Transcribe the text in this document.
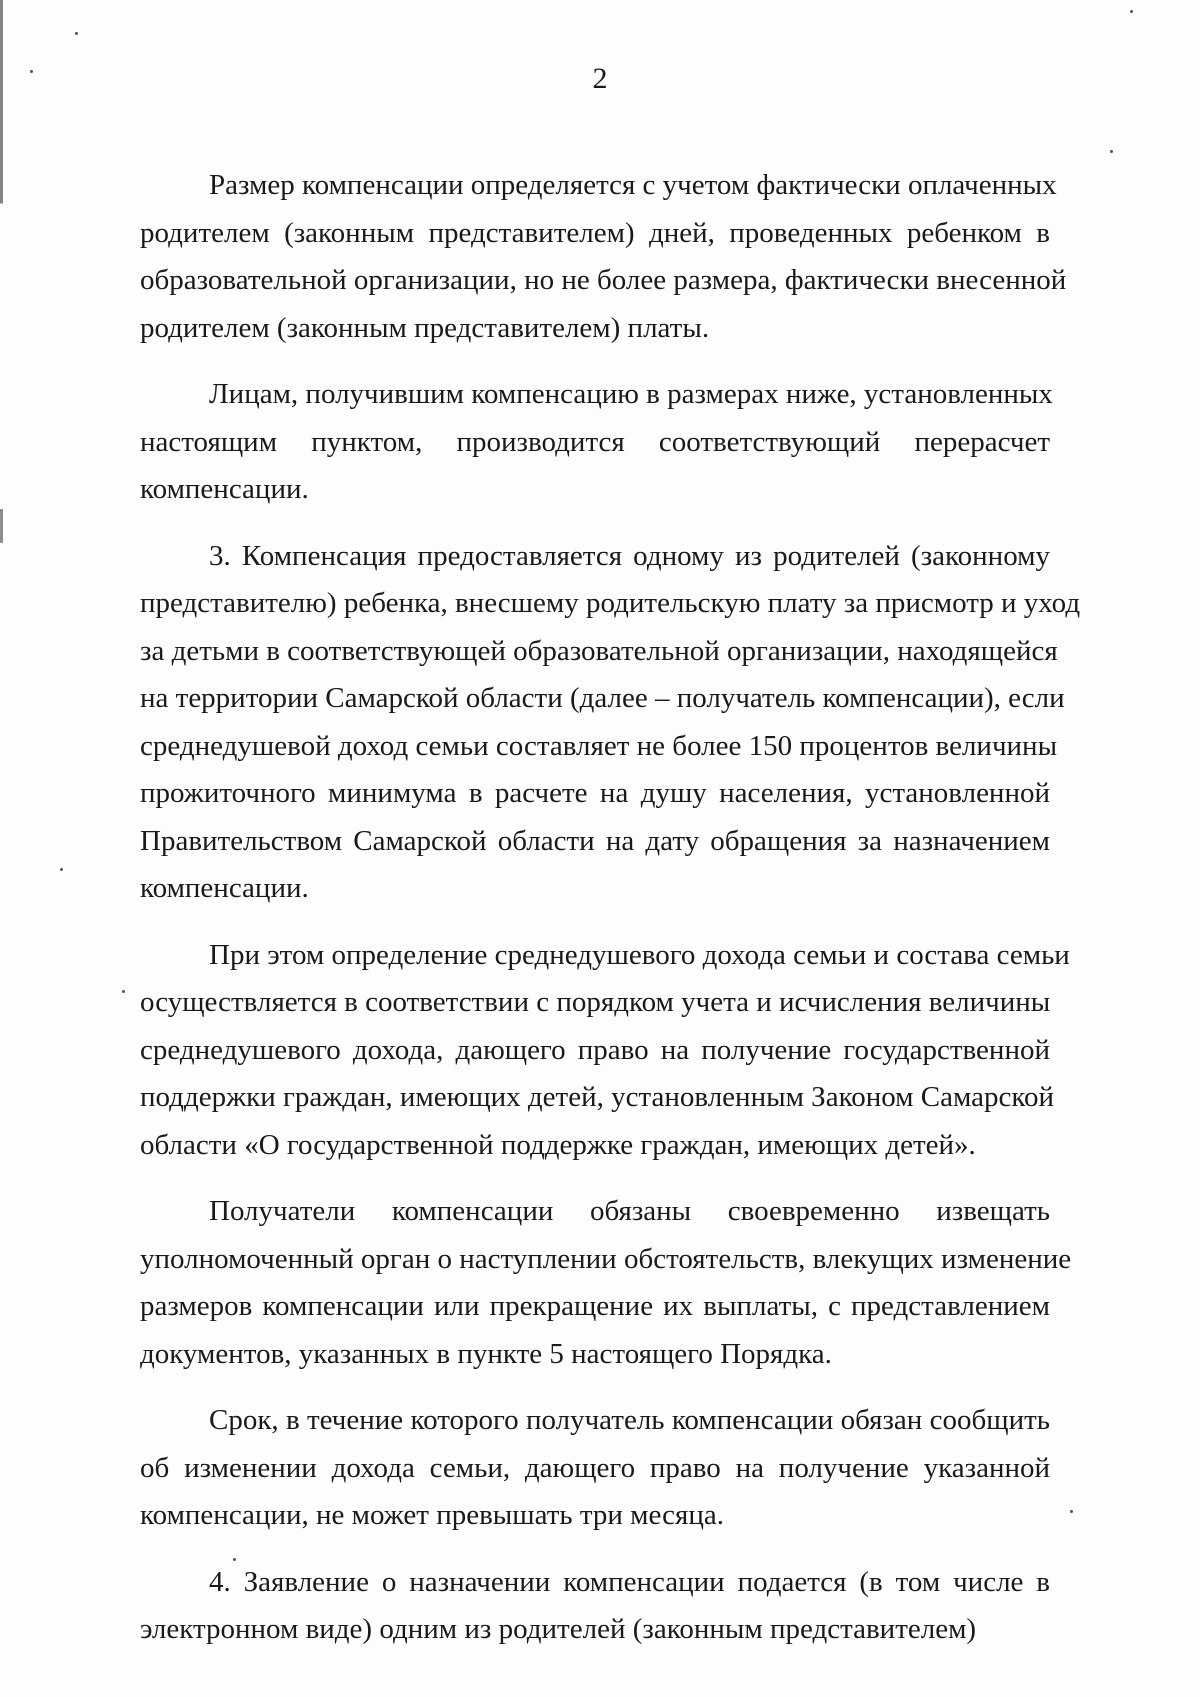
2
Размер компенсации определяется с учетом фактически оплаченных
родителем (законным представителем) дней, проведенных ребенком в
образовательной организации, но не более размера, фактически внесенной
родителем (законным представителем) платы.
Лицам, получившим компенсацию в размерах ниже, установленных
настоящим пунктом, производится соответствующий перерасчет
компенсации.
3. Компенсация предоставляется одному из родителей (законному
представителю) ребенка, внесшему родительскую плату за присмотр и уход
за детьми в соответствующей образовательной организации, находящейся
на территории Самарской области (далее – получатель компенсации), если
среднедушевой доход семьи составляет не более 150 процентов величины
прожиточного минимума в расчете на душу населения, установленной
Правительством Самарской области на дату обращения за назначением
компенсации.
При этом определение среднедушевого дохода семьи и состава семьи
осуществляется в соответствии с порядком учета и исчисления величины
среднедушевого дохода, дающего право на получение государственной
поддержки граждан, имеющих детей, установленным Законом Самарской
области «О государственной поддержке граждан, имеющих детей».
Получатели компенсации обязаны своевременно извещать
уполномоченный орган о наступлении обстоятельств, влекущих изменение
размеров компенсации или прекращение их выплаты, с представлением
документов, указанных в пункте 5 настоящего Порядка.
Срок, в течение которого получатель компенсации обязан сообщить
об изменении дохода семьи, дающего право на получение указанной
компенсации, не может превышать три месяца.
4. Заявление о назначении компенсации подается (в том числе в
электронном виде) одним из родителей (законным представителем)
